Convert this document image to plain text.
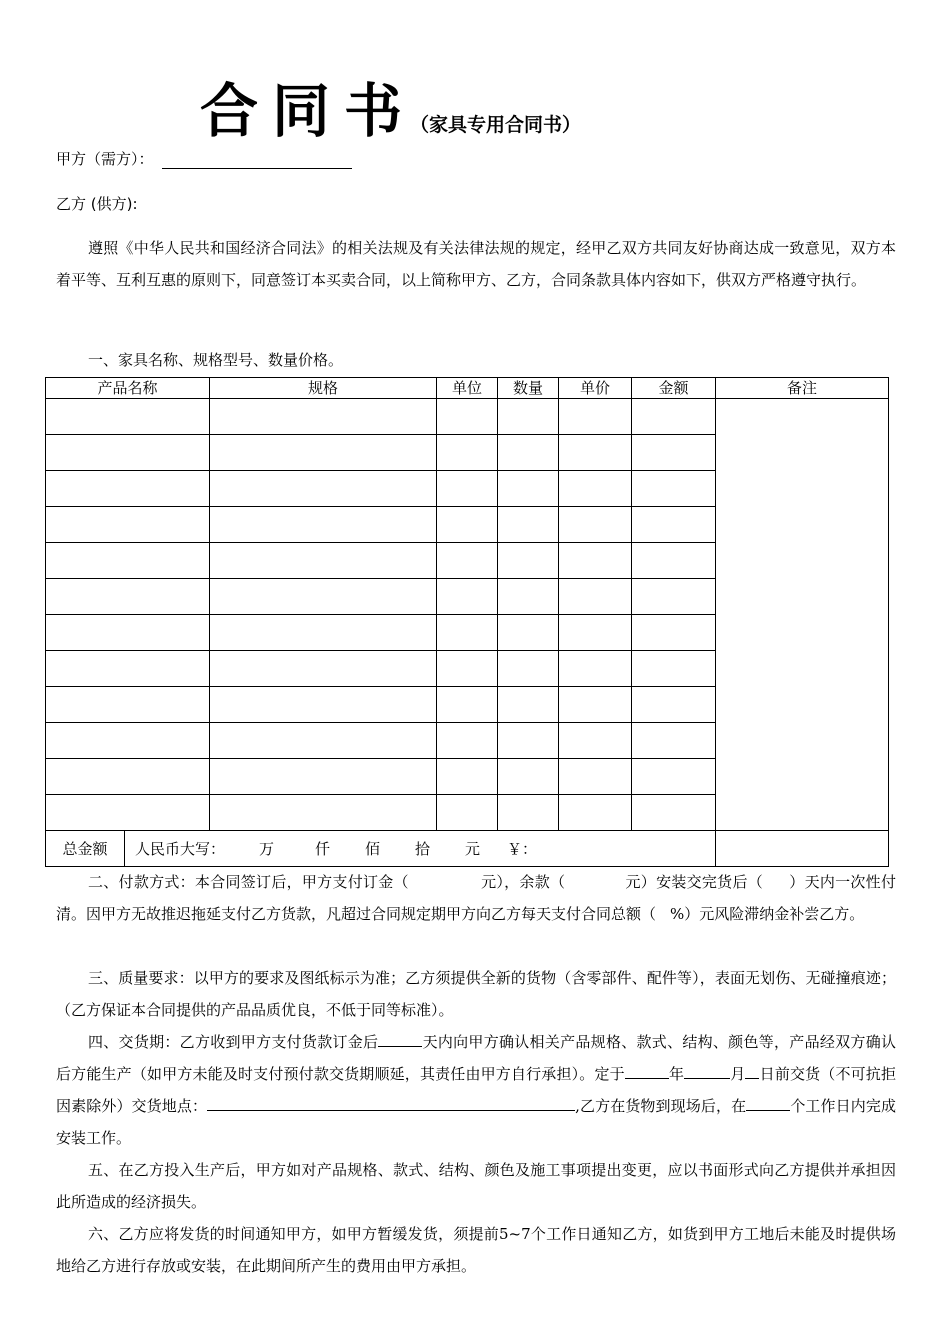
合同书（家具专用合同书）
甲方（需方）：
乙方 (供方):
遵照《中华人民共和国经济合同法》的相关法规及有关法律法规的规定，经甲乙双方共同友好协商达成一致意见，双方本着平等、互利互惠的原则下，同意签订本买卖合同，以上简称甲方、乙方，合同条款具体内容如下，供双方严格遵守执行。
一、家具名称、规格型号、数量价格。
产品名称		规格	单位	数量	单价	金额	备注

总金额	人民币大写： 万 仟 佰 拾 元 ￥：						
二、付款方式：本合同签订后，甲方支付订金（	元），余款（	元）安装交完货后（ ）天内一次性付清。因甲方无故推迟拖延支付乙方货款，凡超过合同规定期甲方向乙方每天支付合同总额（ %）元风险滞纳金补尝乙方。
三、质量要求：以甲方的要求及图纸标示为准；乙方须提供全新的货物（含零部件、配件等），表面无划伤、无碰撞痕迹；（乙方保证本合同提供的产品品质优良，不低于同等标准）。
四、交货期：乙方收到甲方支付货款订金后	天内向甲方确认相关产品规格、款式、结构、颜色等，产品经双方确认后方能生产（如甲方未能及时支付预付款交货期顺延，其责任由甲方自行承担）。定于	年	月 日前交货（不可抗拒因素除外）交货地点：	,乙方在货物到现场后，在	个工作日内完成安装工作。
五、在乙方投入生产后，甲方如对产品规格、款式、结构、颜色及施工事项提出变更，应以书面形式向乙方提供并承担因此所造成的经济损失。
六、乙方应将发货的时间通知甲方，如甲方暂缓发货，须提前5~7个工作日通知乙方，如货到甲方工地后未能及时提供场地给乙方进行存放或安装，在此期间所产生的费用由甲方承担。
